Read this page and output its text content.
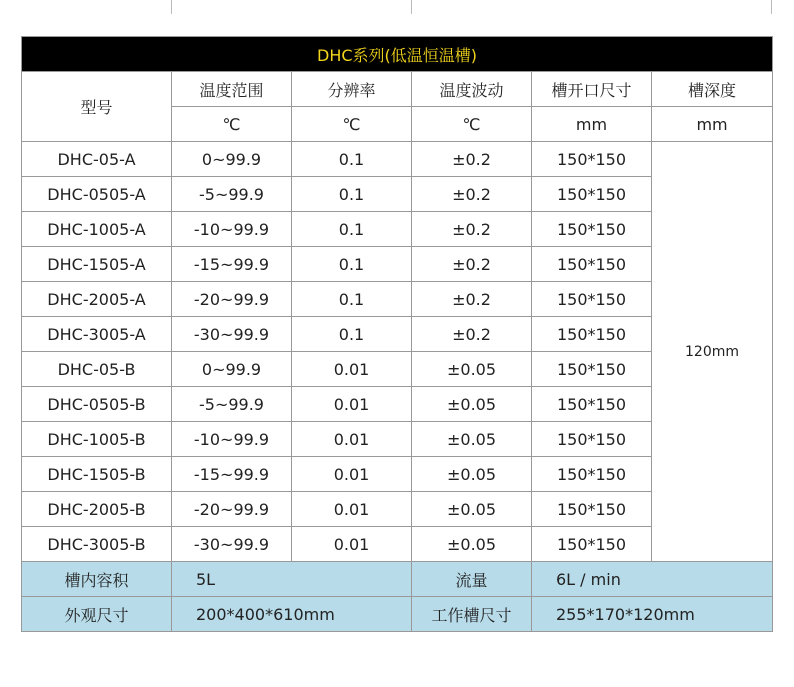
DHC系列(低温恒温槽)					
型号	温度范围	分辨率	温度波动	槽开口尺寸	槽深度
	℃	℃	℃	mm	mm
DHC-05-A	0~99.9	0.1	±0.2	150*150	120mm
DHC-0505-A	-5~99.9	0.1	±0.2	150*150	
DHC-1005-A	-10~99.9	0.1	±0.2	150*150	
DHC-1505-A	-15~99.9	0.1	±0.2	150*150	
DHC-2005-A	-20~99.9	0.1	±0.2	150*150	
DHC-3005-A	-30~99.9	0.1	±0.2	150*150	
DHC-05-B	0~99.9	0.01	±0.05	150*150	
DHC-0505-B	-5~99.9	0.01	±0.05	150*150	
DHC-1005-B	-10~99.9	0.01	±0.05	150*150	
DHC-1505-B	-15~99.9	0.01	±0.05	150*150	
DHC-2005-B	-20~99.9	0.01	±0.05	150*150	
DHC-3005-B	-30~99.9	0.01	±0.05	150*150	
槽内容积	5L		流量	6L / min	
外观尺寸	200*400*610mm		工作槽尺寸	255*170*120mm	
